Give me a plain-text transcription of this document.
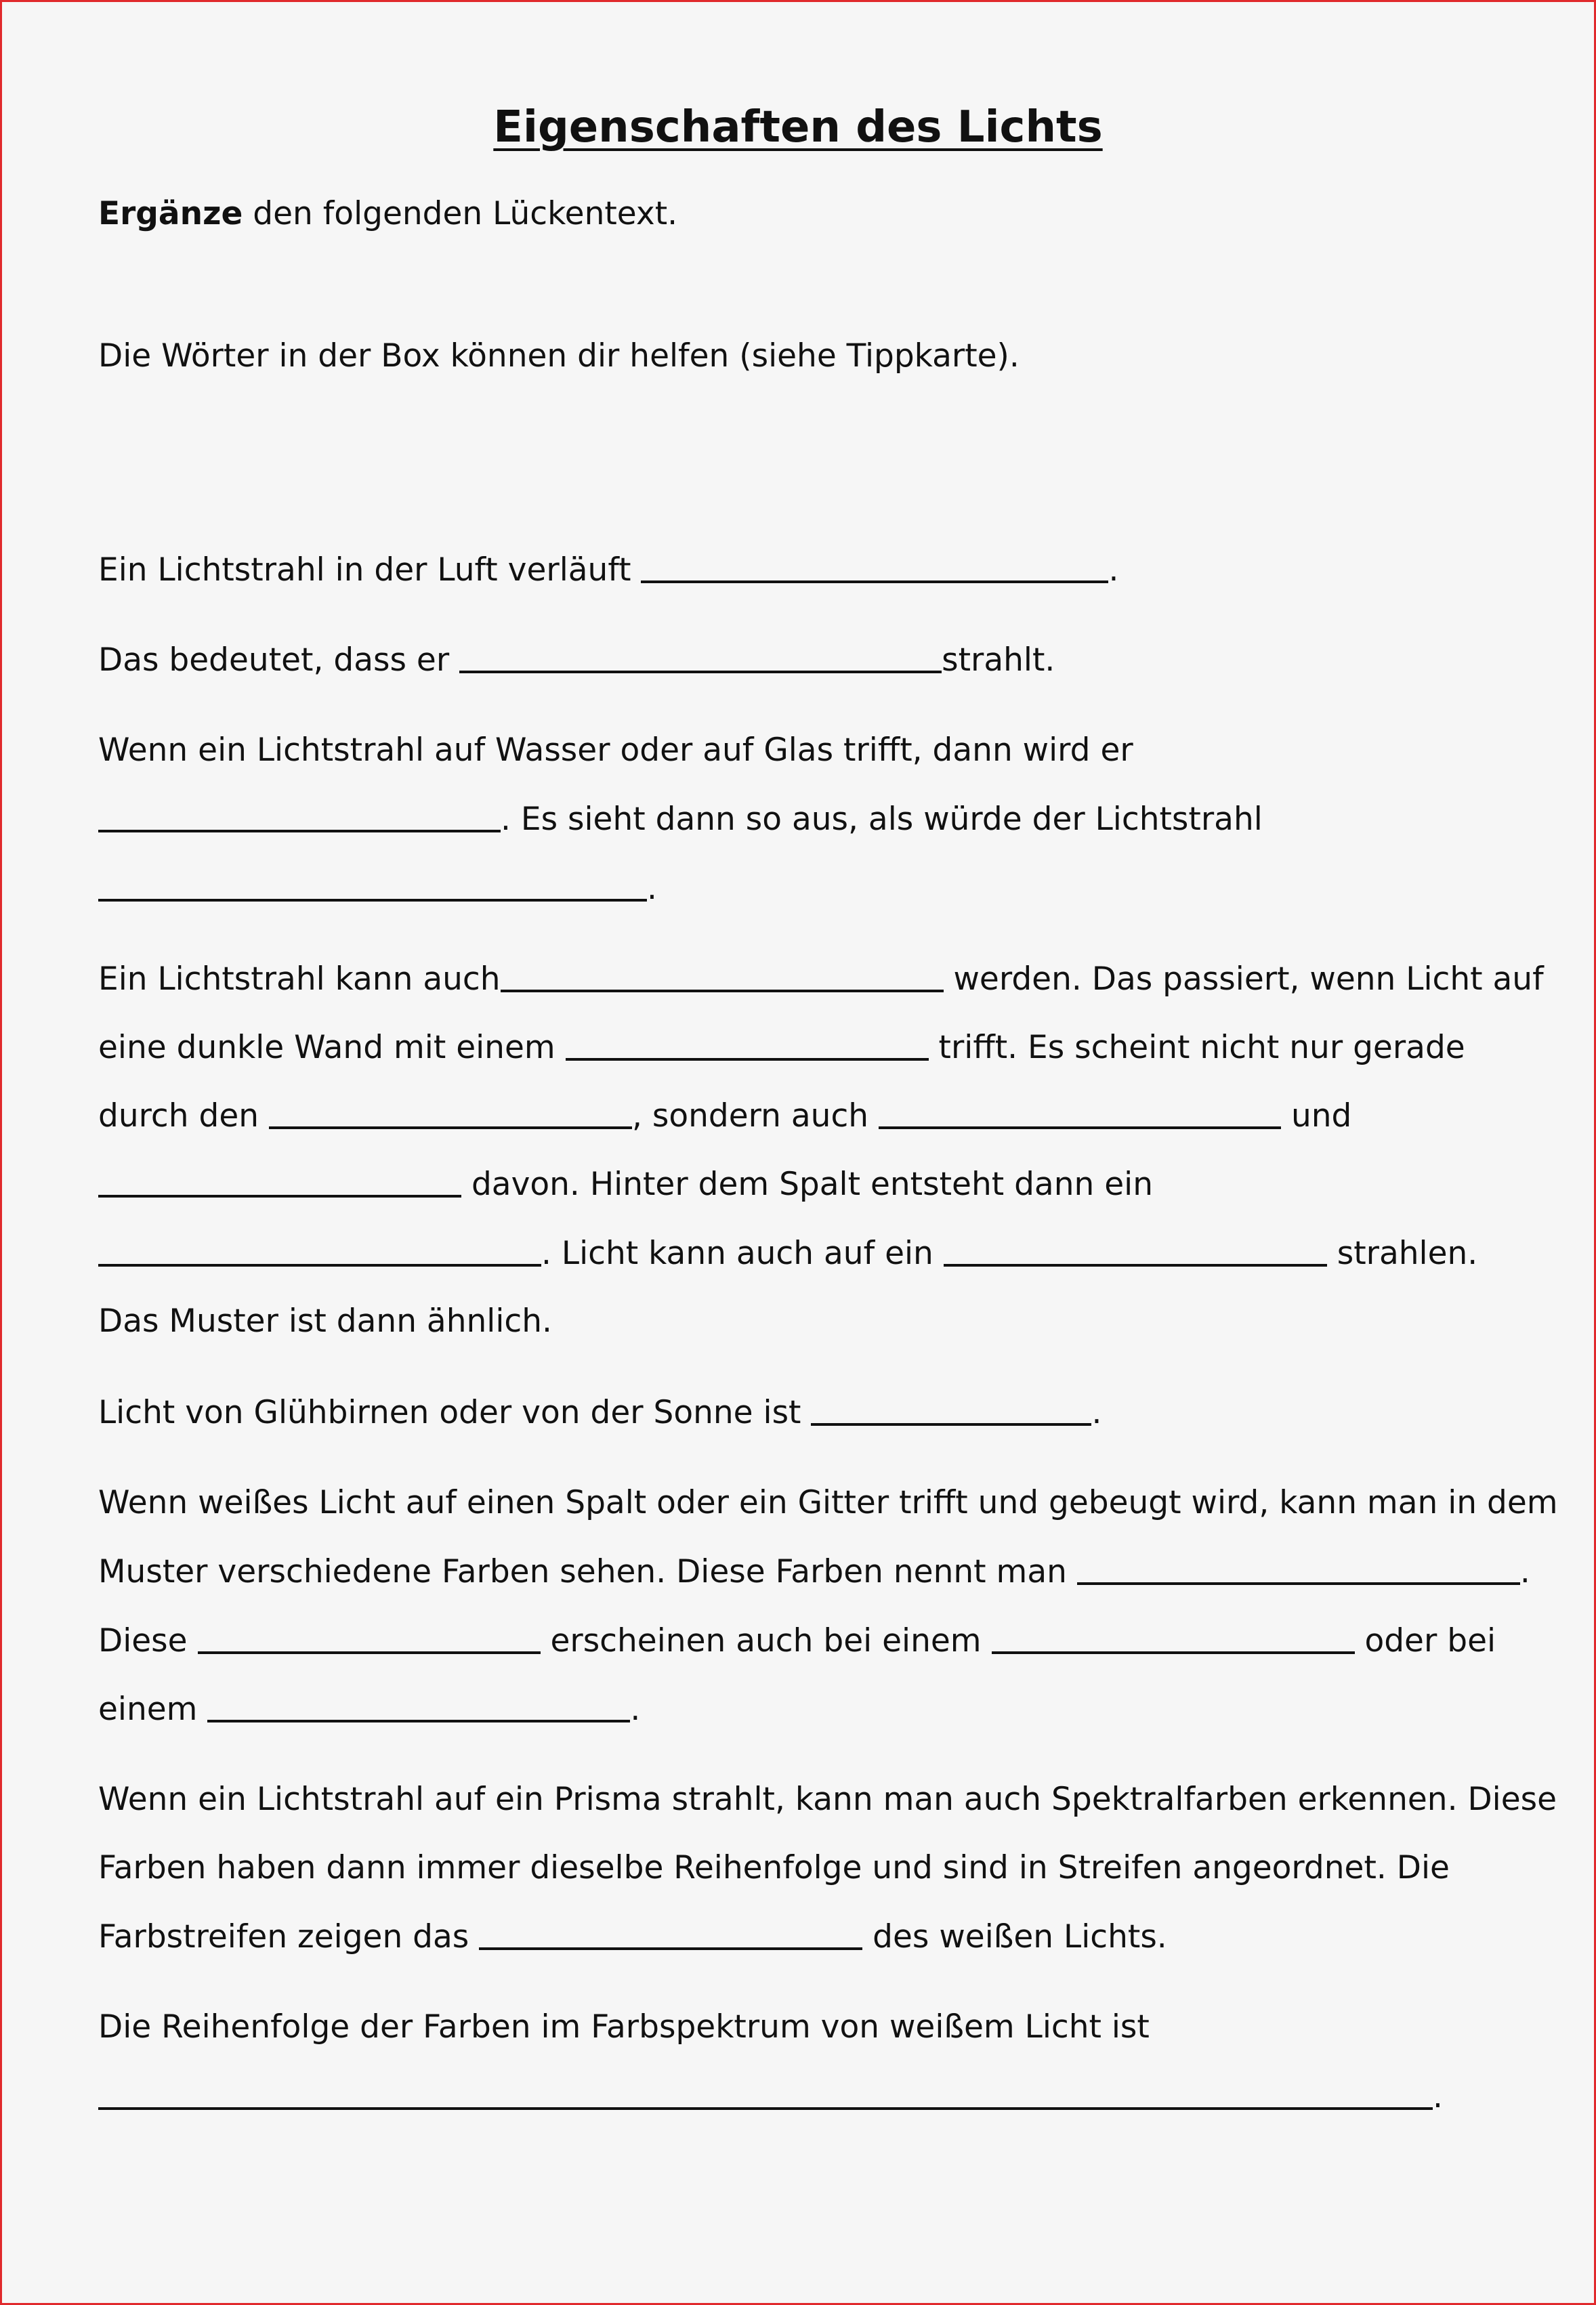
Eigenschaften des Lichts
Ergänze den folgenden Lückentext.
Die Wörter in der Box können dir helfen (siehe Tippkarte).
Ein Lichtstrahl in der Luft verläuft	.
Das bedeutet, dass er	strahlt.
Wenn ein Lichtstrahl auf Wasser oder auf Glas trifft, dann wird er
. Es sieht dann so aus, als würde der Lichtstrahl
.
Ein Lichtstrahl kann auch	werden. Das passiert, wenn Licht auf
eine dunkle Wand mit einem	trifft. Es scheint nicht nur gerade
durch den	, sondern auch	und
davon. Hinter dem Spalt entsteht dann ein
. Licht kann auch auf ein	strahlen.
Das Muster ist dann ähnlich.
Licht von Glühbirnen oder von der Sonne ist	.
Wenn weißes Licht auf einen Spalt oder ein Gitter trifft und gebeugt wird, kann man in dem
Muster verschiedene Farben sehen. Diese Farben nennt man	.
Diese	erscheinen auch bei einem	oder bei
einem	.
Wenn ein Lichtstrahl auf ein Prisma strahlt, kann man auch Spektralfarben erkennen. Diese
Farben haben dann immer dieselbe Reihenfolge und sind in Streifen angeordnet. Die
Farbstreifen zeigen das	des weißen Lichts.
Die Reihenfolge der Farben im Farbspektrum von weißem Licht ist
.
